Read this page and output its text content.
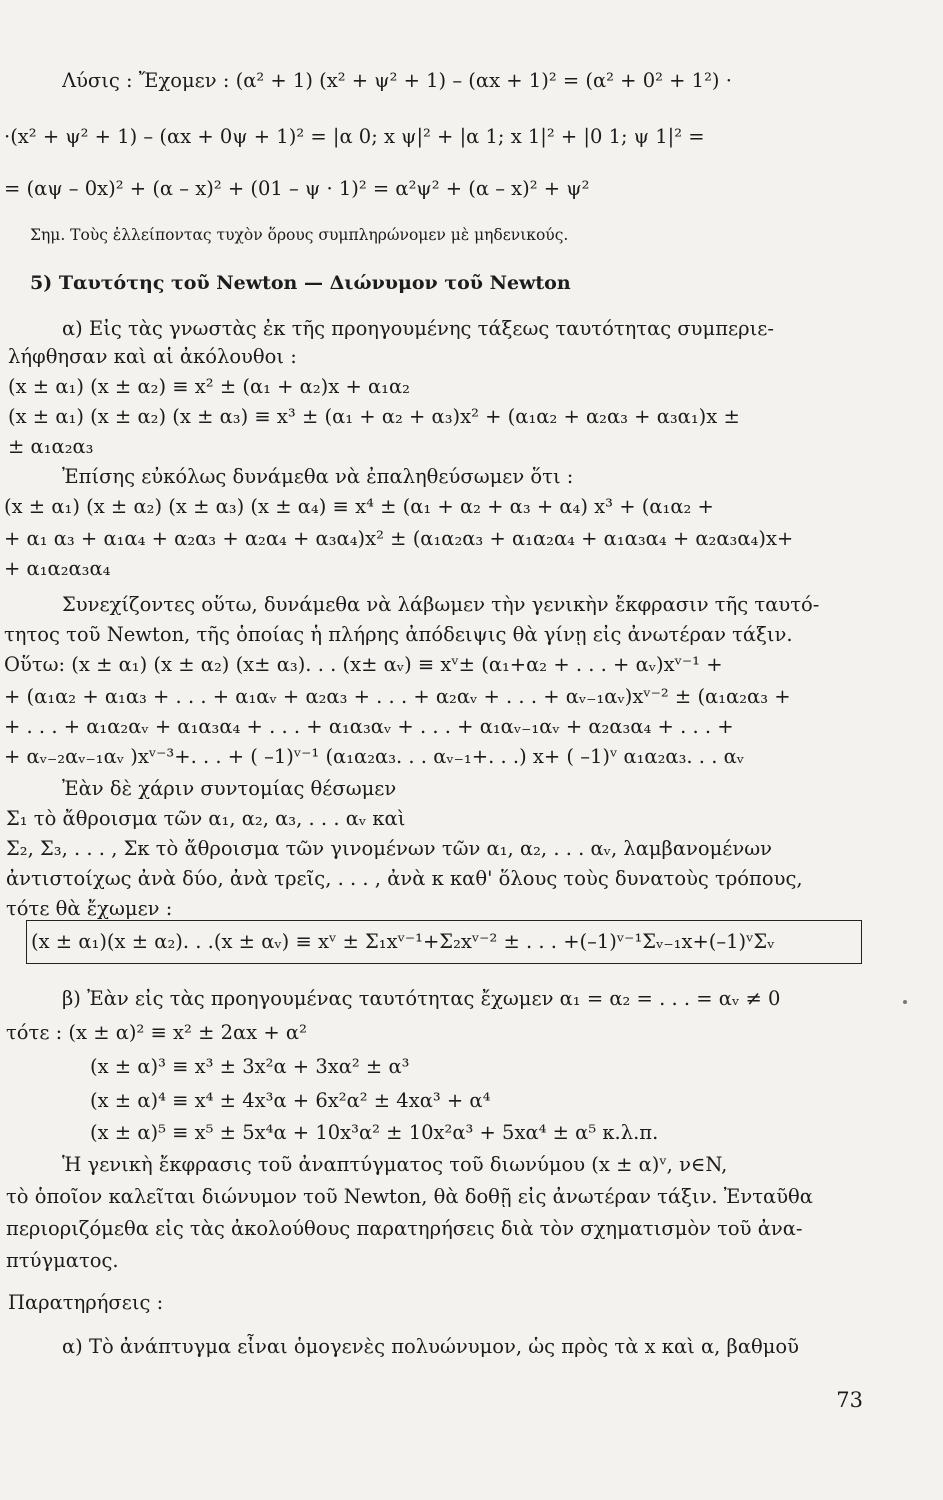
Λύσις : Ἔχομεν : (α² + 1) (x² + ψ² + 1) – (αx + 1)² = (α² + 0² + 1²) ·
·(x² + ψ² + 1) – (αx + 0ψ + 1)² = |α 0; x ψ|² + |α 1; x 1|² + |0 1; ψ 1|² =
= (αψ – 0x)² + (α – x)² + (01 – ψ · 1)² = α²ψ² + (α – x)² + ψ²
Σημ. Τοὺς ἐλλείποντας τυχὸν ὅρους συμπληρώνομεν μὲ μηδενικούς.
5) Ταυτότης τοῦ Newton — Διώνυμον τοῦ Newton
α) Εἰς τὰς γνωστὰς ἐκ τῆς προηγουμένης τάξεως ταυτότητας συμπεριε-
λήφθησαν καὶ αἱ ἀκόλουθοι :
(x ± α₁) (x ± α₂) ≡ x² ± (α₁ + α₂)x + α₁α₂
(x ± α₁) (x ± α₂) (x ± α₃) ≡ x³ ± (α₁ + α₂ + α₃)x² + (α₁α₂ + α₂α₃ + α₃α₁)x ±
± α₁α₂α₃
Ἐπίσης εὐκόλως δυνάμεθα νὰ ἐπαληθεύσωμεν ὅτι :
(x ± α₁) (x ± α₂) (x ± α₃) (x ± α₄) ≡ x⁴ ± (α₁ + α₂ + α₃ + α₄) x³ + (α₁α₂ +
+ α₁ α₃ + α₁α₄ + α₂α₃ + α₂α₄ + α₃α₄)x² ± (α₁α₂α₃ + α₁α₂α₄ + α₁α₃α₄ + α₂α₃α₄)x+
+ α₁α₂α₃α₄
Συνεχίζοντες οὕτω, δυνάμεθα νὰ λάβωμεν τὴν γενικὴν ἔκφρασιν τῆς ταυτό-
τητος τοῦ Newton, τῆς ὁποίας ἡ πλήρης ἀπόδειψις θὰ γίνῃ εἰς ἀνωτέραν τάξιν.
Οὕτω: (x ± α₁) (x ± α₂) (x± α₃). . . (x± αᵥ) ≡ xᵛ± (α₁+α₂ + . . . + αᵥ)xᵛ⁻¹ +
+ (α₁α₂ + α₁α₃ + . . . + α₁αᵥ + α₂α₃ + . . . + α₂αᵥ + . . . + αᵥ₋₁αᵥ)xᵛ⁻² ± (α₁α₂α₃ +
+ . . . + α₁α₂αᵥ + α₁α₃α₄ + . . . + α₁α₃αᵥ + . . . + α₁αᵥ₋₁αᵥ + α₂α₃α₄ + . . . +
+ αᵥ₋₂αᵥ₋₁αᵥ )xᵛ⁻³+. . . + ( –1)ᵛ⁻¹ (α₁α₂α₃. . . αᵥ₋₁+. . .) x+ ( –1)ᵛ α₁α₂α₃. . . αᵥ
Ἐὰν δὲ χάριν συντομίας θέσωμεν
Σ₁ τὸ ἄθροισμα τῶν α₁, α₂, α₃, . . . αᵥ καὶ
Σ₂, Σ₃, . . . , Σκ τὸ ἄθροισμα τῶν γινομένων τῶν α₁, α₂, . . . αᵥ, λαμβανομένων
ἀντιστοίχως ἀνὰ δύο, ἀνὰ τρεῖς, . . . , ἀνὰ κ καθ' ὅλους τοὺς δυνατοὺς τρόπους,
τότε θὰ ἔχωμεν :
(x ± α₁)(x ± α₂). . .(x ± αᵥ) ≡ xᵛ ± Σ₁xᵛ⁻¹+Σ₂xᵛ⁻² ± . . . +(–1)ᵛ⁻¹Σᵥ₋₁x+(–1)ᵛΣᵥ
β) Ἐὰν εἰς τὰς προηγουμένας ταυτότητας ἔχωμεν α₁ = α₂ = . . . = αᵥ ≠ 0
τότε : (x ± α)² ≡ x² ± 2αx + α²
(x ± α)³ ≡ x³ ± 3x²α + 3xα² ± α³
(x ± α)⁴ ≡ x⁴ ± 4x³α + 6x²α² ± 4xα³ + α⁴
(x ± α)⁵ ≡ x⁵ ± 5x⁴α + 10x³α² ± 10x²α³ + 5xα⁴ ± α⁵ κ.λ.π.
Ἡ γενικὴ ἔκφρασις τοῦ ἀναπτύγματος τοῦ διωνύμου (x ± α)ᵛ, ν∈N,
τὸ ὁποῖον καλεῖται διώνυμον τοῦ Newton, θὰ δοθῇ εἰς ἀνωτέραν τάξιν. Ἐνταῦθα
περιοριζόμεθα εἰς τὰς ἀκολούθους παρατηρήσεις διὰ τὸν σχηματισμὸν τοῦ ἀνα-
πτύγματος.
Παρατηρήσεις :
α) Τὸ ἀνάπτυγμα εἶναι ὁμογενὲς πολυώνυμον, ὡς πρὸς τὰ x καὶ α, βαθμοῦ
73
